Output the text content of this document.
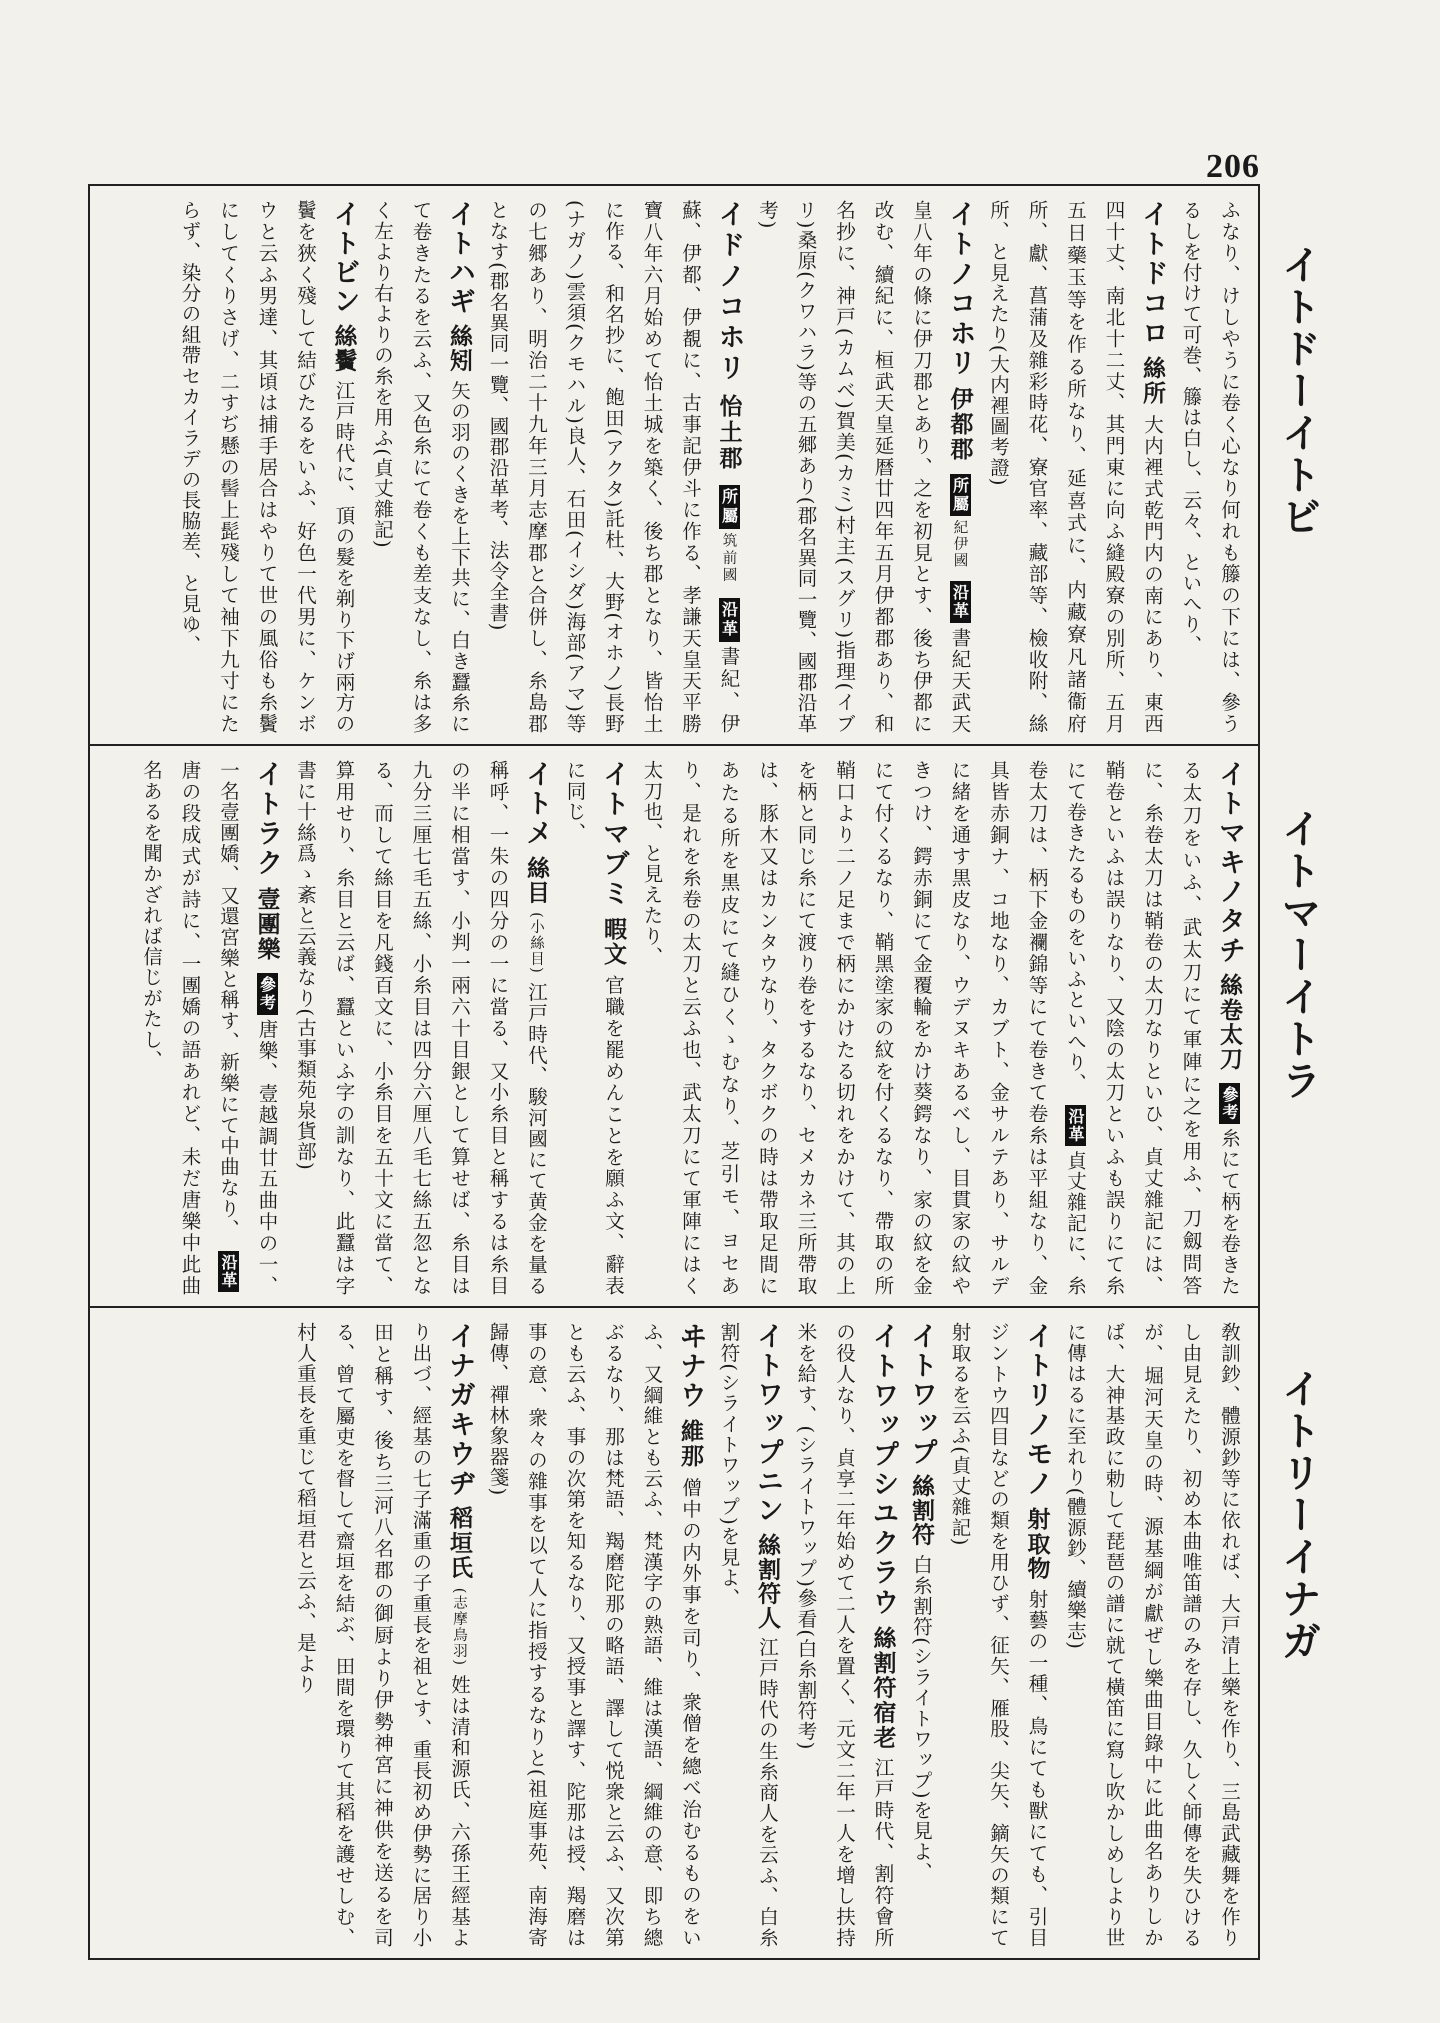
206
イトドーイトビ
イトマーイトラ
イトリーイナガ

ふなり、けしやうに卷く心なり何れも籐の下には、參うるしを付けて可巻、籐は白し、云々、といへり、

イトドコロ 絲所 大内裡式乾門内の南にあり、東西四十丈、南北十二丈、其門東に向ふ縫殿寮の別所、五月五日藥玉等を作る所なり、延喜式に、内藏寮凡諸衞府所、獻、菖蒲及雜彩時花、寮官率、藏部等、檢收附、絲所、と見えたり(大内裡圖考證)

イトノコホリ 伊都郡 所屬紀伊國 沿革書紀天武天皇八年の條に伊刀郡とあり、之を初見とす、後ち伊都に改む、續紀に、桓武天皇延暦廿四年五月伊都郡あり、和名抄に、神戸(カムベ)賀美(カミ)村主(スグリ)指理(イブリ)桑原(クワハラ)等の五郷あり(郡名異同一覽、國郡沿革考)

イドノコホリ 怡土郡 所屬筑前國 沿革書紀、伊蘇、伊都、伊覩に、古事記伊斗に作る、孝謙天皇天平勝寶八年六月始めて怡土城を築く、後ち郡となり、皆怡土に作る、和名抄に、飽田(アクタ)託杜、大野(オホノ)長野(ナガノ)雲須(クモハル)良人、石田(イシダ)海部(アマ)等の七郷あり、明治二十九年三月志摩郡と合併し、糸島郡となす(郡名異同一覽、國郡沿革考、法令全書)

イトハギ 絲矧 矢の羽のくきを上下共に、白き蠶糸にて卷きたるを云ふ、又色糸にて卷くも差支なし、糸は多く左より右よりの糸を用ふ(貞丈雜記)

イトビン 絲鬢 江戸時代に、頂の髮を剃り下げ兩方の鬢を狹く殘して結びたるをいふ、好色一代男に、ケンボウと云ふ男達、其頃は捕手居合はやりて世の風俗も糸鬢にしてくりさげ、二すぢ懸の髻上髭殘して袖下九寸にたらず、染分の組帶セカイラデの長脇差、と見ゆ、

イトマキノタチ 絲卷太刀 參考糸にて柄を卷きたる太刀をいふ、武太刀にて軍陣に之を用ふ、刀劔問答に、糸卷太刀は鞘卷の太刀なりといひ、貞丈雜記には、鞘卷といふは誤りなり、又陰の太刀といふも誤りにて糸にて卷きたるものをいふといへり、 沿革貞丈雜記に、糸卷太刀は、柄下金襴錦等にて卷きて卷糸は平組なり、金具皆赤銅ナ、コ地なり、カブト、金サルテあり、サルデに緒を通す黒皮なり、ウデヌキあるべし、目貫家の紋やきつけ、鍔赤銅にて金覆輪をかけ葵鍔なり、家の紋を金にて付くるなり、鞘黑塗家の紋を付くるなり、帶取の所鞘口より二ノ足まで柄にかけたる切れをかけて、其の上を柄と同じ糸にて渡り卷をするなり、セメカネ三所帶取は、豚木又はカンタウなり、タクボクの時は帶取足間にあたる所を黒皮にて縫ひくゝむなり、芝引モ、ヨセあり、是れを糸卷の太刀と云ふ也、武太刀にて軍陣にはく太刀也、と見えたり、

イトマブミ 暇文 官職を罷めんことを願ふ文、辭表に同じ、

イトメ 絲目 (小絲目) 江戸時代、駿河國にて黄金を量る稱呼、一朱の四分の一に當る、又小糸目と稱するは糸目の半に相當す、小判一兩六十目銀として算せば、糸目は九分三厘七毛五絲、小糸目は四分六厘八毛七絲五忽となる、而して絲目を凡錢百文に、小糸目を五十文に當て、算用せり、糸目と云ば、蠶といふ字の訓なり、此蠶は字書に十絲爲ゝ紊と云義なり(古事類苑泉貨部)

イトラク 壹團樂 參考唐樂、壹越調廿五曲中の一、一名壹團嬌、又還宮樂と稱す、新樂にて中曲なり、 沿革唐の段成式が詩に、一團嬌の語あれど、未だ唐樂中此曲名あるを聞かざれば信じがたし、

敎訓鈔、體源鈔等に依れば、大戸清上樂を作り、三島武藏舞を作りし由見えたり、初め本曲唯笛譜のみを存し、久しく師傳を失ひけるが、堀河天皇の時、源基綱が獻ぜし樂曲目錄中に此曲名ありしかば、大神基政に勅して琵琶の譜に就て橫笛に寫し吹かしめしより世に傳はるに至れり(體源鈔、續樂志)

イトリノモノ 射取物 射藝の一種、鳥にても獸にても、引目ジントウ四目などの類を用ひず、征矢、雁股、尖矢、鏑矢の類にて射取るを云ふ(貞丈雜記)

イトワップ 絲割符 白糸割符(シライトワップ)を見よ、

イトワップシユクラウ 絲割符宿老 江戸時代、割符會所の役人なり、貞享二年始めて二人を置く、元文二年一人を增し扶持米を給す、(シライトワップ)參看(白糸割符考)

イトワップニン 絲割符人 江戸時代の生糸商人を云ふ、白糸割符(シライトワップ)を見よ、

ヰナウ 維那 僧中の内外事を司り、衆僧を總べ治むるものをいふ、又綱維とも云ふ、梵漢字の熟語、維は漢語、綱維の意、即ち總ぶるなり、那は梵語、羯磨陀那の略語、譯して悦衆と云ふ、又次第とも云ふ、事の次第を知るなり、又授事と譯す、陀那は授、羯磨は事の意、衆々の雜事を以て人に指授するなりと(祖庭事苑、南海寄歸傳、禪林象器箋)

イナガキウヂ 稻垣氏 (志摩鳥羽) 姓は清和源氏、六孫王經基より出づ、經基の七子滿重の子重長を祖とす、重長初め伊勢に居り小田と稱す、後ち三河八名郡の御厨より伊勢神宮に神供を送るを司る、曾て屬吏を督して齋垣を結ぶ、田間を環りて其稻を護せしむ、村人重長を重じて稻垣君と云ふ、是より
